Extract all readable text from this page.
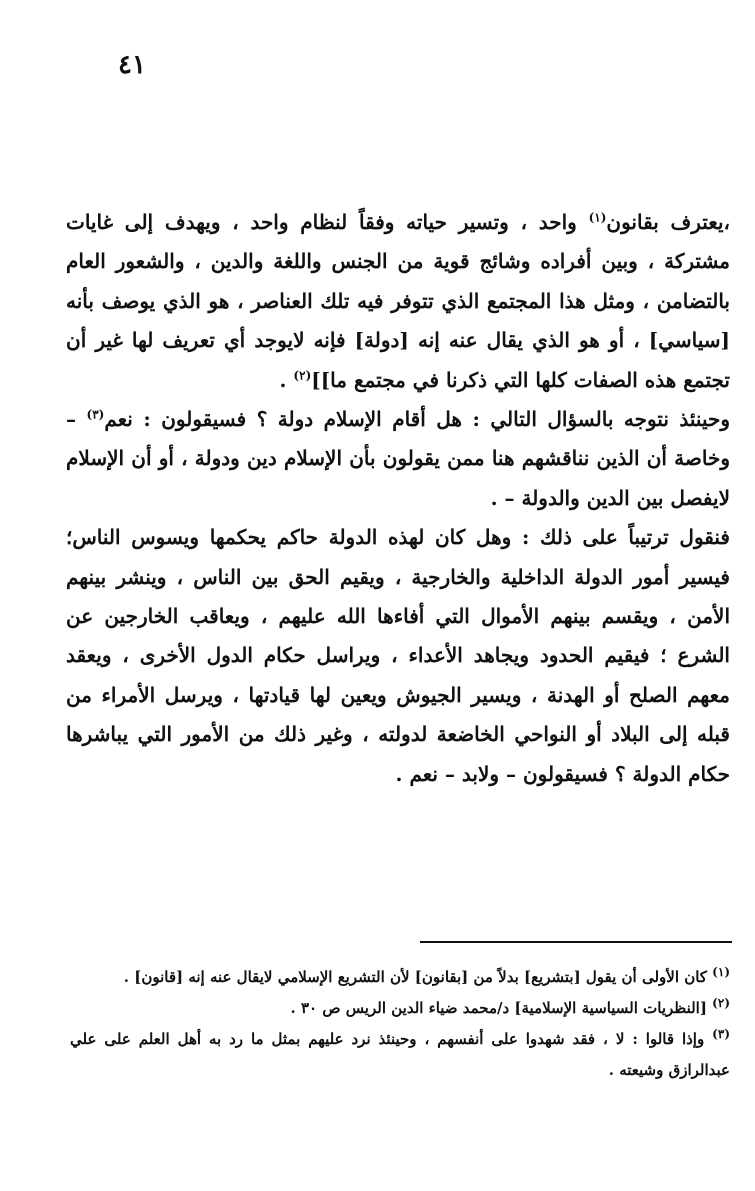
٤١

،يعترف بقانون$^{(١)}$ واحد ، وتسير حياته وفقاً لنظام واحد ، ويهدف إلى غايات مشتركة ، وبين أفراده وشائج قوية من الجنس واللغة والدين ، والشعور العام بالتضامن ، ومثل هذا المجتمع الذي تتوفر فيه تلك العناصر ، هو الذي يوصف بأنه [سياسي] ، أو هو الذي يقال عنه إنه [دولة] فإنه لايوجد أي تعريف لها غير أن تجتمع هذه الصفات كلها التي ذكرنا في مجتمع ما]]$^{(٢)}$ .

وحينئذ نتوجه بالسؤال التالي : هل أقام الإسلام دولة ؟ فسيقولون : نعم$^{(٣)}$ – وخاصة أن الذين نناقشهم هنا ممن يقولون بأن الإسلام دين ودولة ، أو أن الإسلام لايفصل بين الدين والدولة – .

فنقول ترتيباً على ذلك : وهل كان لهذه الدولة حاكم يحكمها ويسوس الناس؛ فيسير أمور الدولة الداخلية والخارجية ، ويقيم الحق بين الناس ، وينشر بينهم الأمن ، ويقسم بينهم الأموال التي أفاءها الله عليهم ، ويعاقب الخارجين عن الشرع ؛ فيقيم الحدود ويجاهد الأعداء ، ويراسل حكام الدول الأخرى ، ويعقد معهم الصلح أو الهدنة ، ويسير الجيوش ويعين لها قيادتها ، ويرسل الأمراء من قبله إلى البلاد أو النواحي الخاضعة لدولته ، وغير ذلك من الأمور التي يباشرها حكام الدولة ؟ فسيقولون – ولابد – نعم .

$^{(١)}$ كان الأولى أن يقول [بتشريع] بدلاً من [بقانون] لأن التشريع الإسلامي لايقال عنه إنه [قانون] .

$^{(٢)}$ [النظريات السياسية الإسلامية] د/محمد ضياء الدين الريس ص ٣٠ .

$^{(٣)}$ وإذا قالوا : لا ، فقد شهدوا على أنفسهم ، وحينئذ نرد عليهم بمثل ما رد به أهل العلم على علي عبدالرازق وشيعته .
